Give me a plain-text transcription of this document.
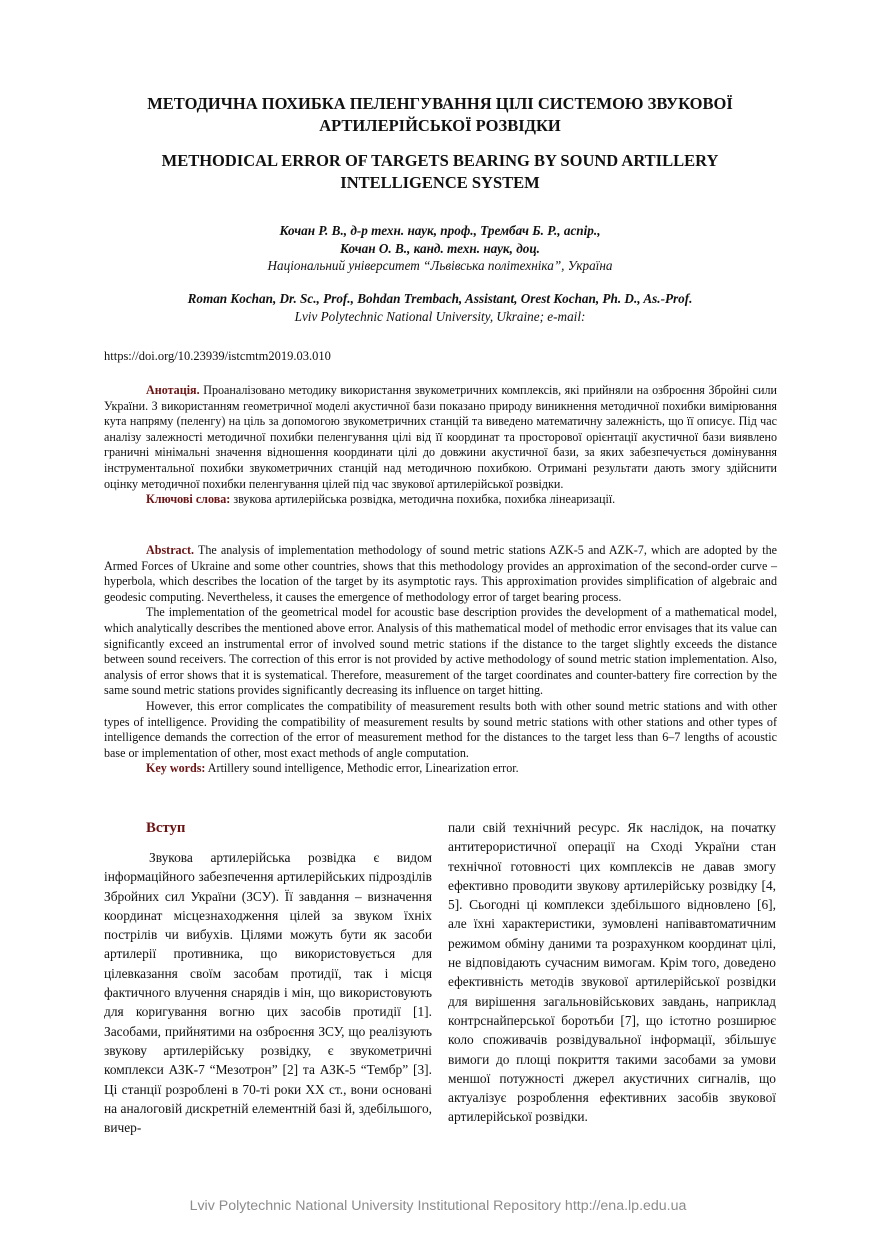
МЕТОДИЧНА ПОХИБКА ПЕЛЕНГУВАННЯ ЦІЛІ СИСТЕМОЮ ЗВУКОВОЇ
АРТИЛЕРІЙСЬКОЇ РОЗВІДКИ
METHODICAL ERROR OF TARGETS BEARING BY SOUND ARTILLERY
INTELLIGENCE SYSTEM
Кочан Р. В., д-р техн. наук, проф., Трембач Б. Р., аспір.,
Кочан О. В., канд. техн. наук, доц.
Національний університет “Львівська політехніка”, Україна
Roman Kochan, Dr. Sc., Prof., Bohdan Trembach, Assistant, Orest Kochan, Ph. D., As.-Prof.
Lviv Polytechnic National University, Ukraine; e-mail:
https://doi.org/10.23939/istcmtm2019.03.010

Анотація. Проаналізовано методику використання звукометричних комплексів, які прийняли на озброєння Збройні сили України. З використанням геометричної моделі акустичної бази показано природу виникнення методичної похибки вимірювання кута напряму (пеленгу) на ціль за допомогою звукометричних станцій та виведено математичну залежність, що її описує. Під час аналізу залежності методичної похибки пеленгування цілі від її координат та просторової орієнтації акустичної бази виявлено граничні мінімальні значення відношення координати цілі до довжини акустичної бази, за яких забезпечується домінування інструментальної похибки звукометричних станцій над методичною похибкою. Отримані результати дають змогу здійснити оцінку методичної похибки пеленгування цілей під час звукової артилерійської розвідки.

Ключові слова: звукова артилерійська розвідка, методична похибка, похибка лінеаризації.

Abstract. The analysis of implementation methodology of sound metric stations AZK-5 and AZK-7, which are adopted by the Armed Forces of Ukraine and some other countries, shows that this methodology provides an approximation of the second-order curve – hyperbola, which describes the location of the target by its asymptotic rays. This approximation provides simplification of algebraic and geodesic computing. Nevertheless, it causes the emergence of methodology error of target bearing process.

The implementation of the geometrical model for acoustic base description provides the development of a mathematical model, which analytically describes the mentioned above error. Analysis of this mathematical model of methodic error envisages that its value can significantly exceed an instrumental error of involved sound metric stations if the distance to the target slightly exceeds the distance between sound receivers. The correction of this error is not provided by active methodology of sound metric station implementation. Also, analysis of error shows that it is systematical. Therefore, measurement of the target coordinates and counter-battery fire correction by the same sound metric stations provides significantly decreasing its influence on target hitting.

However, this error complicates the compatibility of measurement results both with other sound metric stations and with other types of intelligence. Providing the compatibility of measurement results by sound metric stations with other stations and other types of intelligence demands the correction of the error of measurement method for the distances to the target less than 6–7 lengths of acoustic base or implementation of other, most exact methods of angle computation.

Key words: Artillery sound intelligence, Methodic error, Linearization error.

Вступ

Звукова артилерійська розвідка є видом інформаційного забезпечення артилерійських підрозділів Збройних сил України (ЗСУ). Її завдання – визначення координат місцезнаходження цілей за звуком їхніх пострілів чи вибухів. Цілями можуть бути як засоби артилерії противника, що використовується для цілевказання своїм засобам протидії, так і місця фактичного влучення снарядів і мін, що використовують для коригування вогню цих засобів протидії [1]. Засобами, прийнятими на озброєння ЗСУ, що реалізують звукову артилерійську розвідку, є звукометричні комплекси АЗК-7 “Мезотрон” [2] та АЗК-5 “Тембр” [3]. Ці станції розроблені в 70-ті роки XX ст., вони основані на аналоговій дискретній елементній базі й, здебільшого, вичер-

пали свій технічний ресурс. Як наслідок, на початку антитерористичної операції на Сході України стан технічної готовності цих комплексів не давав змогу ефективно проводити звукову артилерійську розвідку [4, 5]. Сьогодні ці комплекси здебільшого відновлено [6], але їхні характеристики, зумовлені напівавтоматичним режимом обміну даними та розрахунком координат цілі, не відповідають сучасним вимогам. Крім того, доведено ефективність методів звукової артилерійської розвідки для вирішення загальновійськових завдань, наприклад контрснайперської боротьби [7], що істотно розширює коло споживачів розвідувальної інформації, збільшує вимоги до площі покриття такими засобами за умови меншої потужності джерел акустичних сигналів, що актуалізує розроблення ефективних засобів звукової артилерійської розвідки.

Lviv Polytechnic National University Institutional Repository http://ena.lp.edu.ua
